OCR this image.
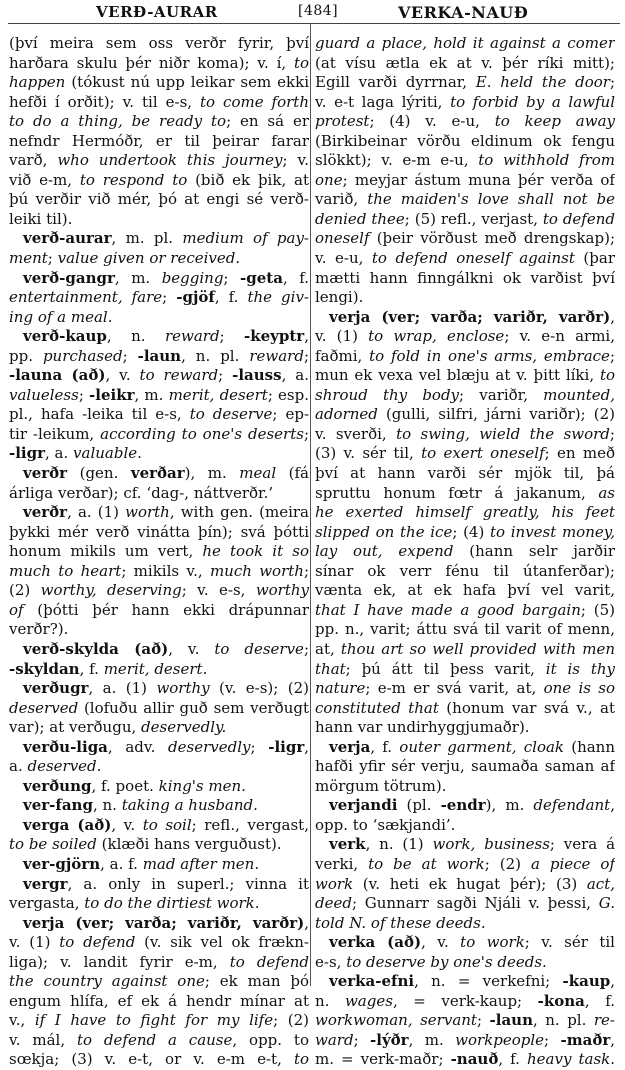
VERÐ-AURAR	[484]	VERKA-NAUÐ
(því meira sem oss verðr fyrir, því
harðara skulu þér niðr koma); v. í, to
happen (tókust nú upp leikar sem ekki
hefði í orðit); v. til e-s, to come forth
to do a thing, be ready to; en sá er
nefndr Hermóðr, er til þeirar farar
varð, who undertook this journey; v.
við e-m, to respond to (bið ek þik, at
þú verðir við mér, þó at engi sé verð-
leiki til).
verð-aurar, m. pl. medium of pay-
ment; value given or received.
verð-gangr, m. begging; -geta, f.
entertainment, fare; -gjöf, f. the giv-
ing of a meal.
verð-kaup, n. reward; -keyptr,
pp. purchased; -laun, n. pl. reward;
-launa (að), v. to reward; -lauss, a.
valueless; -leikr, m. merit, desert; esp.
pl., hafa -leika til e-s, to deserve; ep-
tir -leikum, according to one's deserts;
-ligr, a. valuable.
verðr (gen. verðar), m. meal (fá
árliga verðar); cf. ‘dag-, náttverðr.’
verðr, a. (1) worth, with gen. (meira
þykki mér verð vinátta þín); svá þótti
honum mikils um vert, he took it so
much to heart; mikils v., much worth;
(2) worthy, deserving; v. e-s, worthy
of (þótti þér hann ekki drápunnar
verðr?).
verð-skylda (að), v. to deserve;
-skyldan, f. merit, desert.
verðugr, a. (1) worthy (v. e-s); (2)
deserved (lofuðu allir guð sem verðugt
var); at verðugu, deservedly.
verðu-liga, adv. deservedly; -ligr,
a. deserved.
verðung, f. poet. king's men.
ver-fang, n. taking a husband.
verga (að), v. to soil; refl., vergast,
to be soiled (klæði hans verguðust).
ver-gjörn, a. f. mad after men.
vergr, a. only in superl.; vinna it
vergasta, to do the dirtiest work.
verja (ver; varða; variðr, varðr),
v. (1) to defend (v. sik vel ok frækn-
liga); v. landit fyrir e-m, to defend
the country against one; ek man þó
engum hlífa, ef ek á hendr mínar at
v., if I have to fight for my life; (2)
v. mál, to defend a cause, opp. to
sœkja; (3) v. e-t, or v. e-m e-t, to
guard a place, hold it against a comer
(at vísu ætla ek at v. þér ríki mitt);
Egill varði dyrrnar, E. held the door;
v. e-t laga lýriti, to forbid by a lawful
protest; (4) v. e-u, to keep away
(Birkibeinar vörðu eldinum ok fengu
slökkt); v. e-m e-u, to withhold from
one; meyjar ástum muna þér verða of
varið, the maiden's love shall not be
denied thee; (5) refl., verjast, to defend
oneself (þeir vörðust með drengskap);
v. e-u, to defend oneself against (þar
mætti hann finngálkni ok varðist því
lengi).
verja (ver; varða; variðr, varðr),
v. (1) to wrap, enclose; v. e-n armi,
faðmi, to fold in one's arms, embrace;
mun ek vexa vel blæju at v. þitt líki, to
shroud thy body; variðr, mounted,
adorned (gulli, silfri, járni variðr); (2)
v. sverði, to swing, wield the sword;
(3) v. sér til, to exert oneself; en með
því at hann varði sér mjök til, þá
spruttu honum fœtr á jakanum, as
he exerted himself greatly, his feet
slipped on the ice; (4) to invest money,
lay out, expend (hann selr jarðir
sínar ok verr fénu til útanferðar);
vænta ek, at ek hafa því vel varit,
that I have made a good bargain; (5)
pp. n., varit; áttu svá til varit of menn,
at, thou art so well provided with men
that; þú átt til þess varit, it is thy
nature; e-m er svá varit, at, one is so
constituted that (honum var svá v., at
hann var undirhyggjumaðr).
verja, f. outer garment, cloak (hann
hafði yfir sér verju, saumaða saman af
mörgum tötrum).
verjandi (pl. -endr), m. defendant,
opp. to ‘sækjandi’.
verk, n. (1) work, business; vera á
verki, to be at work; (2) a piece of
work (v. heti ek hugat þér); (3) act,
deed; Gunnarr sagði Njáli v. þessi, G.
told N. of these deeds.
verka (að), v. to work; v. sér til
e-s, to deserve by one's deeds.
verka-efni, n. = verkefni; -kaup,
n. wages, = verk-kaup; -kona, f.
workwoman, servant; -laun, n. pl. re-
ward; -lýðr, m. workpeople; -maðr,
m. = verk-maðr; -nauð, f. heavy task.
